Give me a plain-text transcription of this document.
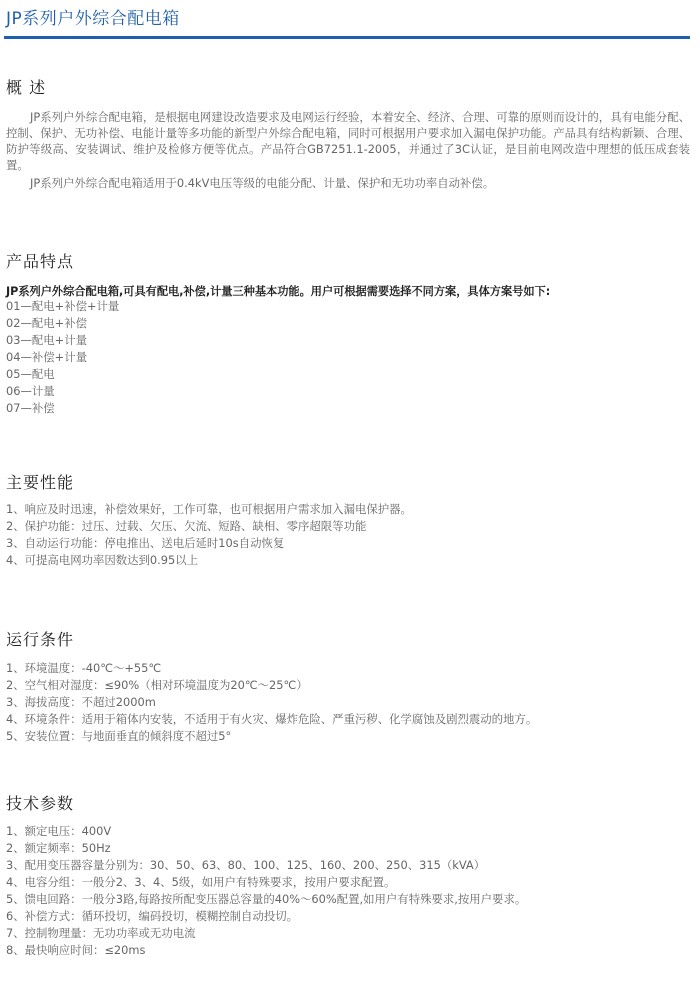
JP系列户外综合配电箱
概 述

JP系列户外综合配电箱，是根据电网建设改造要求及电网运行经验，本着安全、经济、合理、可靠的原则而设计的，具有电能分配、控制、保护、无功补偿、电能计量等多功能的新型户外综合配电箱，同时可根据用户要求加入漏电保护功能。产品具有结构新颖、合理、防护等级高、安装调试、维护及检修方便等优点。产品符合GB7251.1-2005，并通过了3C认证，是目前电网改造中理想的低压成套装置。

JP系列户外综合配电箱适用于0.4kV电压等级的电能分配、计量、保护和无功功率自动补偿。

产品特点
JP系列户外综合配电箱,可具有配电,补偿,计量三种基本功能。用户可根据需要选择不同方案，具体方案号如下:
01—配电+补偿+计量
02—配电+补偿
03—配电+计量
04—补偿+计量
05—配电
06—计量
07—补偿
主要性能
1、响应及时迅速，补偿效果好，工作可靠，也可根据用户需求加入漏电保护器。
2、保护功能：过压、过载、欠压、欠流、短路、缺相、零序超限等功能
3、自动运行功能：停电推出、送电后延时10s自动恢复
4、可提高电网功率因数达到0.95以上
运行条件
1、环境温度：-40℃～+55℃
2、空气相对湿度：≤90%（相对环境温度为20℃～25℃）
3、海拔高度：不超过2000m
4、环境条件：适用于箱体内安装，不适用于有火灾、爆炸危险、严重污秽、化学腐蚀及剧烈震动的地方。
5、安装位置：与地面垂直的倾斜度不超过5°
技术参数
1、额定电压：400V
2、额定频率：50Hz
3、配用变压器容量分别为：30、50、63、80、100、125、160、200、250、315（kVA）
4、电容分组：一般分2、3、4、5级，如用户有特殊要求，按用户要求配置。
5、馈电回路：一般分3路,每路按所配变压器总容量的40%～60%配置,如用户有特殊要求,按用户要求。
6、补偿方式：循环投切，编码投切，模糊控制自动投切。
7、控制物理量：无功功率或无功电流
8、最快响应时间：≤20ms
